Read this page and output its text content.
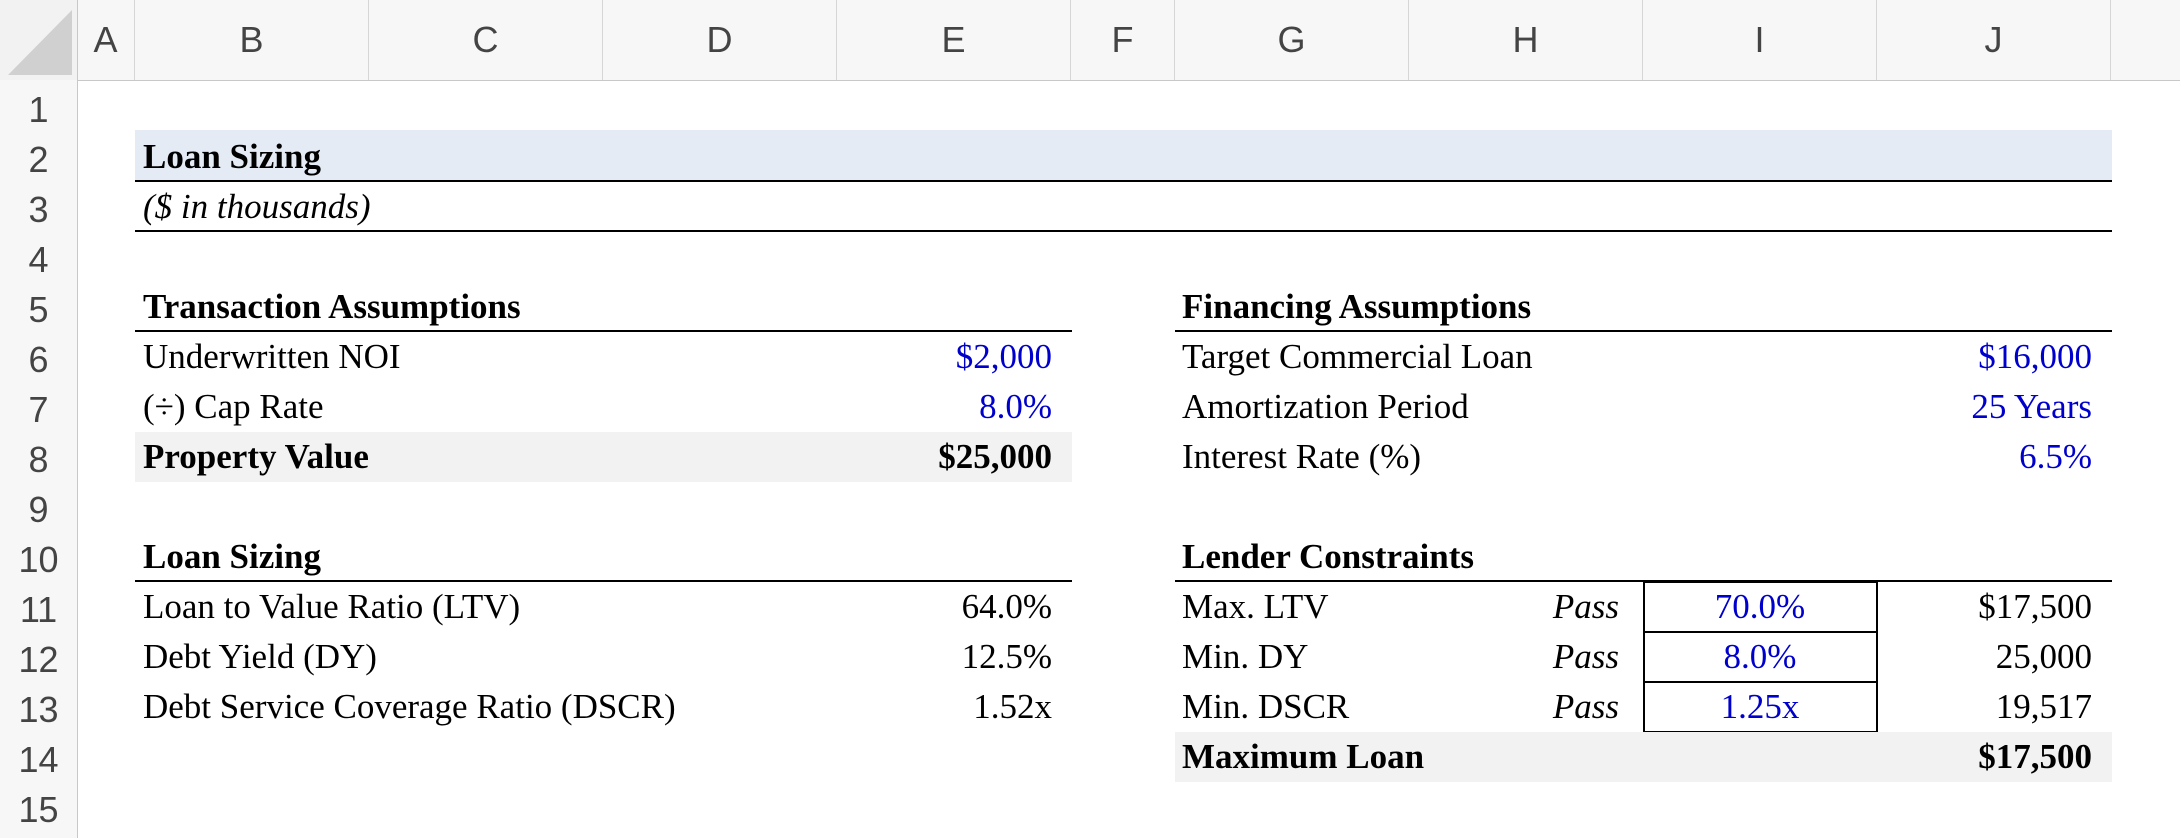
A	B	C	D	E	F	G	H	I	J
1
2
3
4
5
6
7
8
9
10
11
12
13
14
15
Loan Sizing
($ in thousands)
Transaction Assumptions
Underwritten NOI	$2,000
(÷) Cap Rate	8.0%
Property Value	$25,000
Loan Sizing
Loan to Value Ratio (LTV)	64.0%
Debt Yield (DY)	12.5%
Debt Service Coverage Ratio (DSCR)	1.52x
Financing Assumptions
Target Commercial Loan	$16,000
Amortization Period	25 Years
Interest Rate (%)	6.5%
Lender Constraints
Max. LTV	Pass	70.0%	$17,500
Min. DY	Pass	8.0%	25,000
Min. DSCR	Pass	1.25x	19,517
Maximum Loan	$17,500
